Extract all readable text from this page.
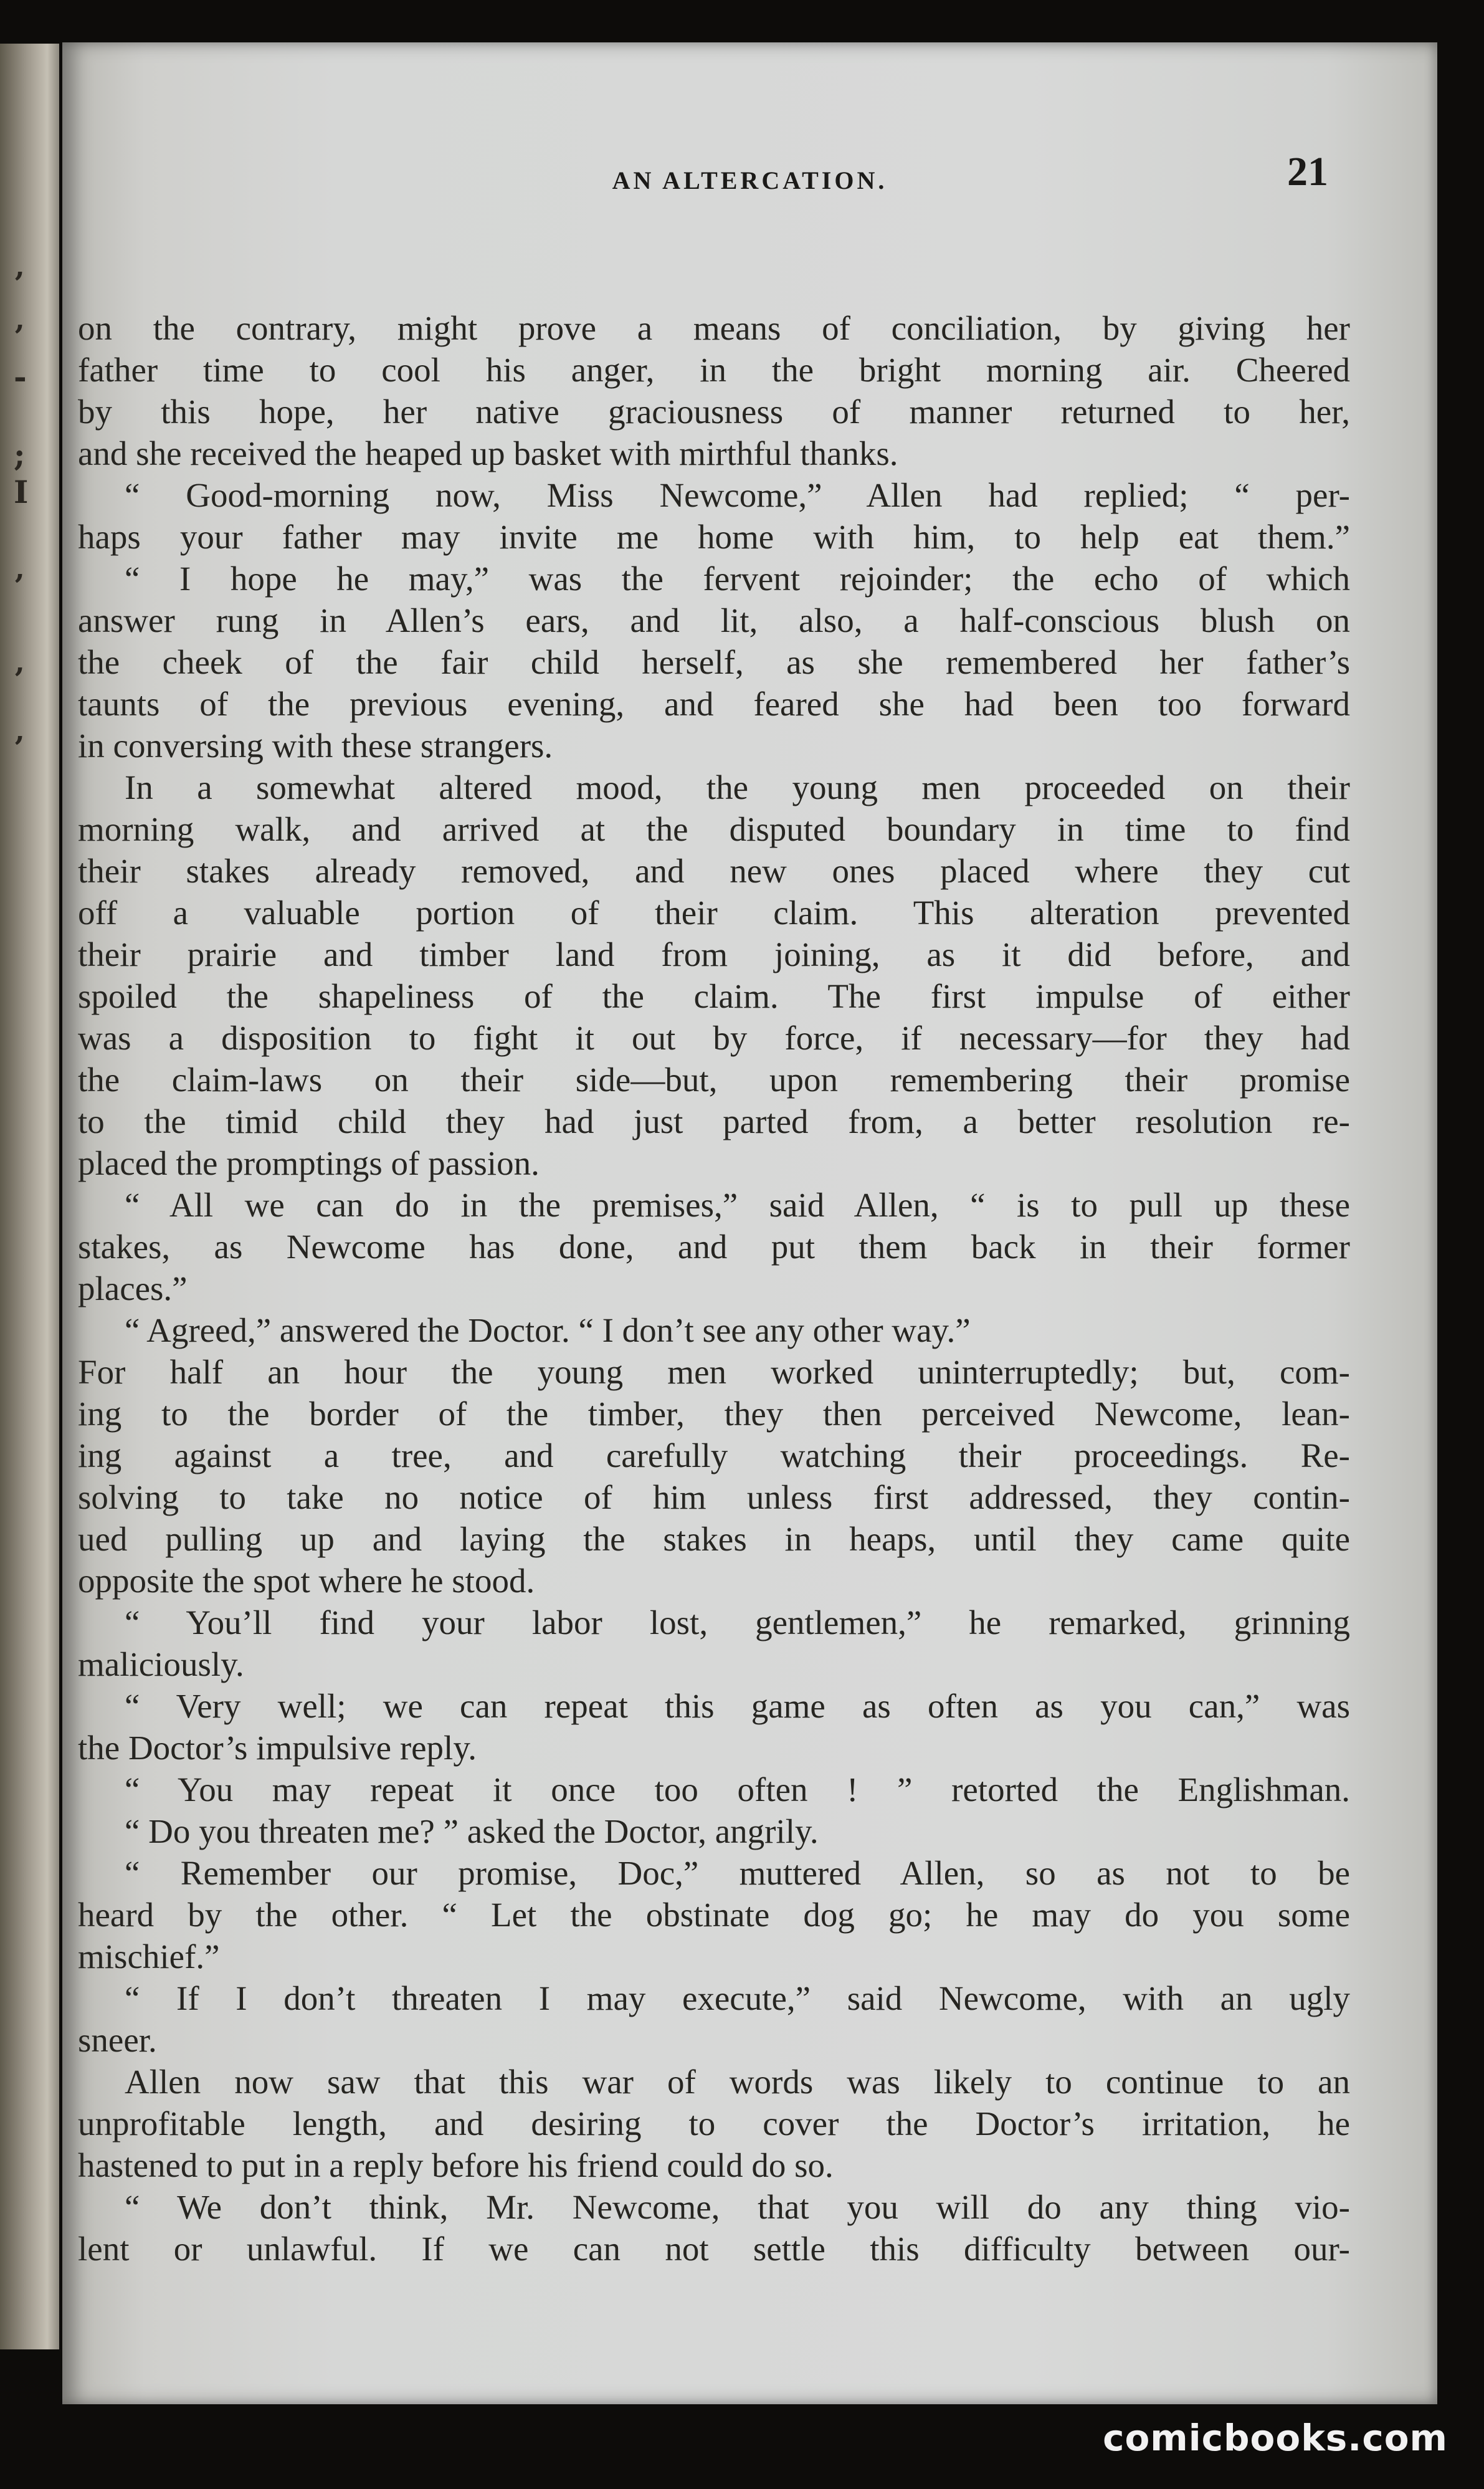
’
’
-
;
I
’
’
’
AN ALTERCATION.	21
on the contrary, might prove a means of conciliation, by giving her
father time to cool his anger, in the bright morning air. Cheered
by this hope, her native graciousness of manner returned to her,
and she received the heaped up basket with mirthful thanks.
“ Good-morning now, Miss Newcome,” Allen had replied; “ per-
haps your father may invite me home with him, to help eat them.”
“ I hope he may,” was the fervent rejoinder; the echo of which
answer rung in Allen’s ears, and lit, also, a half-conscious blush on
the cheek of the fair child herself, as she remembered her father’s
taunts of the previous evening, and feared she had been too forward
in conversing with these strangers.
In a somewhat altered mood, the young men proceeded on their
morning walk, and arrived at the disputed boundary in time to find
their stakes already removed, and new ones placed where they cut
off a valuable portion of their claim. This alteration prevented
their prairie and timber land from joining, as it did before, and
spoiled the shapeliness of the claim. The first impulse of either
was a disposition to fight it out by force, if necessary—for they had
the claim-laws on their side—but, upon remembering their promise
to the timid child they had just parted from, a better resolution re-
placed the promptings of passion.
“ All we can do in the premises,” said Allen, “ is to pull up these
stakes, as Newcome has done, and put them back in their former
places.”
“ Agreed,” answered the Doctor. “ I don’t see any other way.”
For half an hour the young men worked uninterruptedly; but, com-
ing to the border of the timber, they then perceived Newcome, lean-
ing against a tree, and carefully watching their proceedings. Re-
solving to take no notice of him unless first addressed, they contin-
ued pulling up and laying the stakes in heaps, until they came quite
opposite the spot where he stood.
“ You’ll find your labor lost, gentlemen,” he remarked, grinning
maliciously.
“ Very well; we can repeat this game as often as you can,” was
the Doctor’s impulsive reply.
“ You may repeat it once too often ! ” retorted the Englishman.
“ Do you threaten me? ” asked the Doctor, angrily.
“ Remember our promise, Doc,” muttered Allen, so as not to be
heard by the other. “ Let the obstinate dog go; he may do you some
mischief.”
“ If I don’t threaten I may execute,” said Newcome, with an ugly
sneer.
Allen now saw that this war of words was likely to continue to an
unprofitable length, and desiring to cover the Doctor’s irritation, he
hastened to put in a reply before his friend could do so.
“ We don’t think, Mr. Newcome, that you will do any thing vio-
lent or unlawful. If we can not settle this difficulty between our-
comicbooks.com
